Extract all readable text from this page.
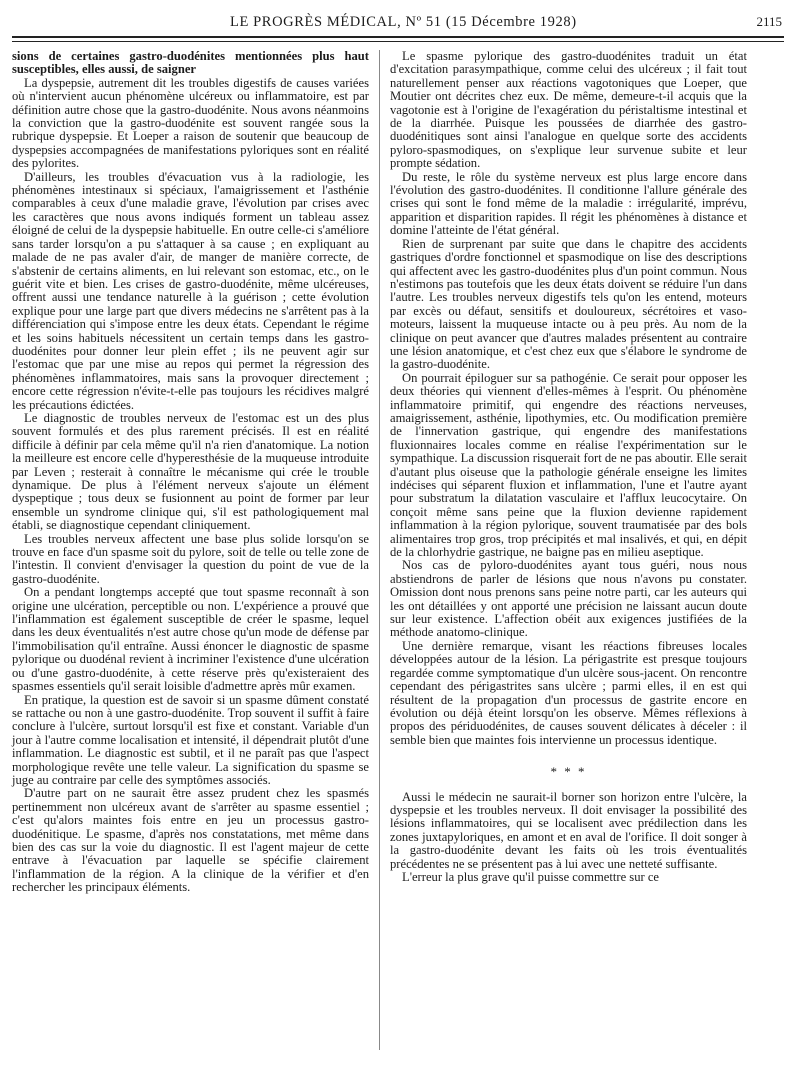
LE PROGRÈS MÉDICAL, Nº 51 (15 Décembre 1928)	2115

sions de certaines gastro-duodénites mentionnées plus haut susceptibles, elles aussi, de saigner

La dyspepsie, autrement dit les troubles digestifs de causes variées où n'intervient aucun phénomène ulcéreux ou inflammatoire, est par définition autre chose que la gastro-duodénite. Nous avons néanmoins la conviction que la gastro-duodénite est souvent rangée sous la rubrique dyspepsie. Et Loeper a raison de soutenir que beaucoup de dyspepsies accompagnées de manifestations pyloriques sont en réalité des pylorites.

D'ailleurs, les troubles d'évacuation vus à la radiologie, les phénomènes intestinaux si spéciaux, l'amaigrissement et l'asthénie comparables à ceux d'une maladie grave, l'évolution par crises avec les caractères que nous avons indiqués forment un tableau assez éloigné de celui de la dyspepsie habituelle. En outre celle-ci s'améliore sans tarder lorsqu'on a pu s'attaquer à sa cause ; en expliquant au malade de ne pas avaler d'air, de manger de manière correcte, de s'abstenir de certains aliments, en lui relevant son estomac, etc., on le guérit vite et bien. Les crises de gastro-duodénite, même ulcéreuses, offrent aussi une tendance naturelle à la guérison ; cette évolution explique pour une large part que divers médecins ne s'arrêtent pas à la différenciation qui s'impose entre les deux états. Cependant le régime et les soins habituels nécessitent un certain temps dans les gastro-duodénites pour donner leur plein effet ; ils ne peuvent agir sur l'estomac que par une mise au repos qui permet la régression des phénomènes inflammatoires, mais sans la provoquer directement ; encore cette régression n'évite-t-elle pas toujours les récidives malgré les précautions édictées.

Le diagnostic de troubles nerveux de l'estomac est un des plus souvent formulés et des plus rarement précisés. Il est en réalité difficile à définir par cela même qu'il n'a rien d'anatomique. La notion la meilleure est encore celle d'hyperesthésie de la muqueuse introduite par Leven ; resterait à connaître le mécanisme qui crée le trouble dynamique. De plus à l'élément nerveux s'ajoute un élément dyspeptique ; tous deux se fusionnent au point de former par leur ensemble un syndrome clinique qui, s'il est pathologiquement mal établi, se diagnostique cependant cliniquement.

Les troubles nerveux affectent une base plus solide lorsqu'on se trouve en face d'un spasme soit du pylore, soit de telle ou telle zone de l'intestin. Il convient d'envisager la question du point de vue de la gastro-duodénite.

On a pendant longtemps accepté que tout spasme reconnaît à son origine une ulcération, perceptible ou non. L'expérience a prouvé que l'inflammation est également susceptible de créer le spasme, lequel dans les deux éventualités n'est autre chose qu'un mode de défense par l'immobilisation qu'il entraîne. Aussi énoncer le diagnostic de spasme pylorique ou duodénal revient à incriminer l'existence d'une ulcération ou d'une gastro-duodénite, à cette réserve près qu'existeraient des spasmes essentiels qu'il serait loisible d'admettre après mûr examen.

En pratique, la question est de savoir si un spasme dûment constaté se rattache ou non à une gastro-duodénite. Trop souvent il suffit à faire conclure à l'ulcère, surtout lorsqu'il est fixe et constant. Variable d'un jour à l'autre comme localisation et intensité, il dépendrait plutôt d'une inflammation. Le diagnostic est subtil, et il ne paraît pas que l'aspect morphologique revête une telle valeur. La signification du spasme se juge au contraire par celle des symptômes associés.

D'autre part on ne saurait être assez prudent chez les spasmés pertinemment non ulcéreux avant de s'arrêter au spasme essentiel ; c'est qu'alors maintes fois entre en jeu un processus gastro-duodénitique. Le spasme, d'après nos constatations, met même dans bien des cas sur la voie du diagnostic. Il est l'agent majeur de cette entrave à l'évacuation par laquelle se spécifie clairement l'inflammation de la région. A la clinique de la vérifier et d'en rechercher les principaux éléments.

Le spasme pylorique des gastro-duodénites traduit un état d'excitation parasympathique, comme celui des ulcéreux ; il fait tout naturellement penser aux réactions vagotoniques que Loeper, que Moutier ont décrites chez eux. De même, demeure-t-il acquis que la vagotonie est à l'origine de l'exagération du péristaltisme intestinal et de la diarrhée. Puisque les poussées de diarrhée des gastro-duodénitiques sont ainsi l'analogue en quelque sorte des accidents pyloro-spasmodiques, on s'explique leur survenue subite et leur prompte sédation.

Du reste, le rôle du système nerveux est plus large encore dans l'évolution des gastro-duodénites. Il conditionne l'allure générale des crises qui sont le fond même de la maladie : irrégularité, imprévu, apparition et disparition rapides. Il régit les phénomènes à distance et domine l'atteinte de l'état général.

Rien de surprenant par suite que dans le chapitre des accidents gastriques d'ordre fonctionnel et spasmodique on lise des descriptions qui affectent avec les gastro-duodénites plus d'un point commun. Nous n'estimons pas toutefois que les deux états doivent se réduire l'un dans l'autre. Les troubles nerveux digestifs tels qu'on les entend, moteurs par excès ou défaut, sensitifs et douloureux, sécrétoires et vaso-moteurs, laissent la muqueuse intacte ou à peu près. Au nom de la clinique on peut avancer que d'autres malades présentent au contraire une lésion anatomique, et c'est chez eux que s'élabore le syndrome de la gastro-duodénite.

On pourrait épiloguer sur sa pathogénie. Ce serait pour opposer les deux théories qui viennent d'elles-mêmes à l'esprit. Ou phénomène inflammatoire primitif, qui engendre des réactions nerveuses, amaigrissement, asthénie, lipothymies, etc. Ou modification première de l'innervation gastrique, qui engendre des manifestations fluxionnaires locales comme en réalise l'expérimentation sur le sympathique. La discussion risquerait fort de ne pas aboutir. Elle serait d'autant plus oiseuse que la pathologie générale enseigne les limites indécises qui séparent fluxion et inflammation, l'une et l'autre ayant pour substratum la dilatation vasculaire et l'afflux leucocytaire. On conçoit même sans peine que la fluxion devienne rapidement inflammation à la région pylorique, souvent traumatisée par des bols alimentaires trop gros, trop précipités et mal insalivés, et qui, en dépit de la chlorhydrie gastrique, ne baigne pas en milieu aseptique.

Nos cas de pyloro-duodénites ayant tous guéri, nous nous abstiendrons de parler de lésions que nous n'avons pu constater. Omission dont nous prenons sans peine notre parti, car les auteurs qui les ont détaillées y ont apporté une précision ne laissant aucun doute sur leur existence. L'affection obéit aux exigences justifiées de la méthode anatomo-clinique.

Une dernière remarque, visant les réactions fibreuses locales développées autour de la lésion. La périgastrite est presque toujours regardée comme symptomatique d'un ulcère sous-jacent. On rencontre cependant des périgastrites sans ulcère ; parmi elles, il en est qui résultent de la propagation d'un processus de gastrite encore en évolution ou déjà éteint lorsqu'on les observe. Mêmes réflexions à propos des périduodénites, de causes souvent délicates à déceler : il semble bien que maintes fois intervienne un processus identique.

* * *

Aussi le médecin ne saurait-il borner son horizon entre l'ulcère, la dyspepsie et les troubles nerveux. Il doit envisager la possibilité des lésions inflammatoires, qui se localisent avec prédilection dans les zones juxtapyloriques, en amont et en aval de l'orifice. Il doit songer à la gastro-duodénite devant les faits où les trois éventualités précédentes ne se présentent pas à lui avec une netteté suffisante.

L'erreur la plus grave qu'il puisse commettre sur ce
